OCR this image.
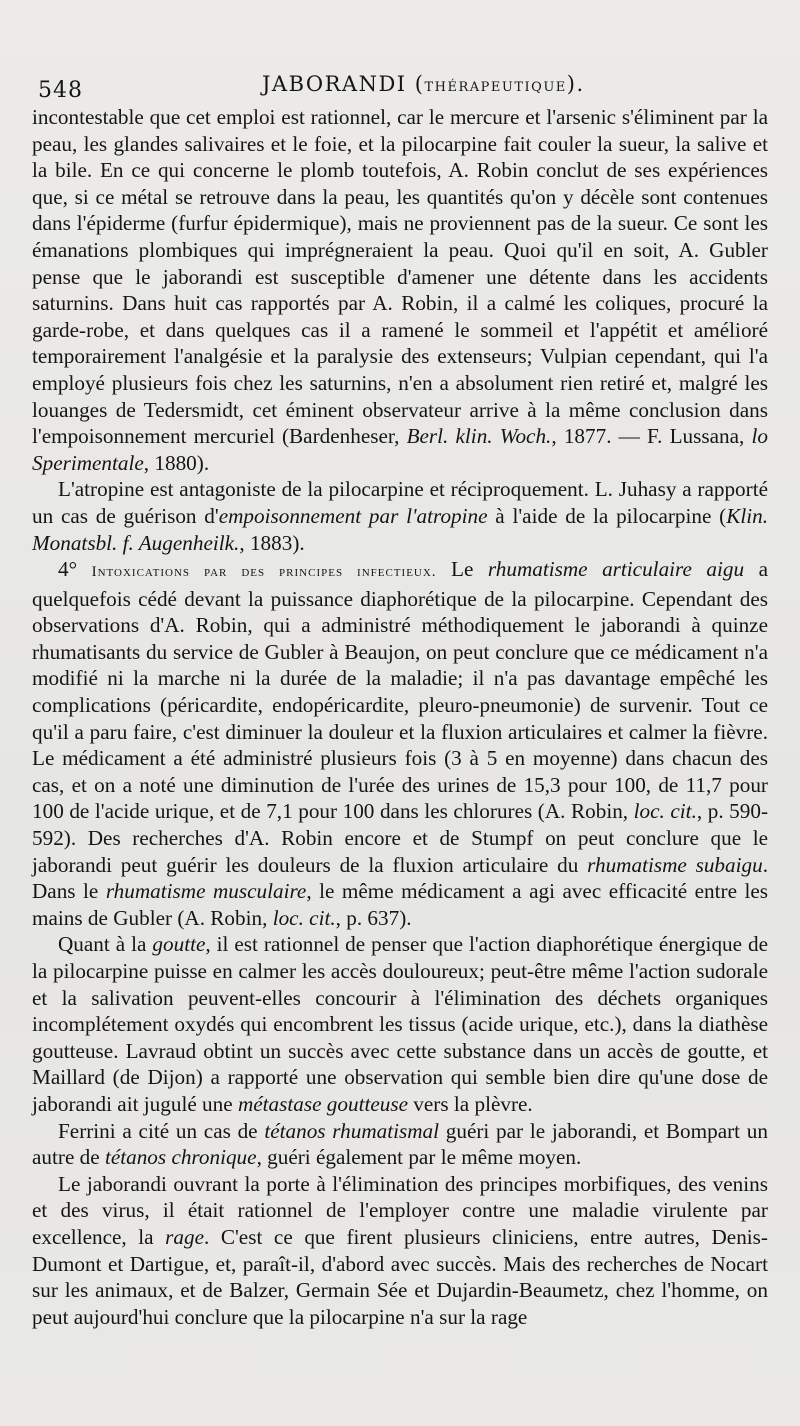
548	JABORANDI (THÉRAPEUTIQUE).

incontestable que cet emploi est rationnel, car le mercure et l'arsenic s'éliminent par la peau, les glandes salivaires et le foie, et la pilocarpine fait couler la sueur, la salive et la bile. En ce qui concerne le plomb toutefois, A. Robin conclut de ses expériences que, si ce métal se retrouve dans la peau, les quantités qu'on y décèle sont contenues dans l'épiderme (furfur épidermique), mais ne proviennent pas de la sueur. Ce sont les émanations plombiques qui imprégneraient la peau. Quoi qu'il en soit, A. Gubler pense que le jaborandi est susceptible d'amener une détente dans les accidents saturnins. Dans huit cas rapportés par A. Robin, il a calmé les coliques, procuré la garde-robe, et dans quelques cas il a ramené le sommeil et l'appétit et amélioré temporairement l'analgésie et la paralysie des extenseurs; Vulpian cependant, qui l'a employé plusieurs fois chez les saturnins, n'en a absolument rien retiré et, malgré les louanges de Tedersmidt, cet éminent observateur arrive à la même conclusion dans l'empoisonnement mercuriel (Bardenheser, Berl. klin. Woch., 1877. — F. Lussana, lo Sperimentale, 1880).

L'atropine est antagoniste de la pilocarpine et réciproquement. L. Juhasy a rapporté un cas de guérison d'empoisonnement par l'atropine à l'aide de la pilocarpine (Klin. Monatsbl. f. Augenheilk., 1883).

4° Intoxications par des principes infectieux. Le rhumatisme articulaire aigu a quelquefois cédé devant la puissance diaphorétique de la pilocarpine. Cependant des observations d'A. Robin, qui a administré méthodiquement le jaborandi à quinze rhumatisants du service de Gubler à Beaujon, on peut conclure que ce médicament n'a modifié ni la marche ni la durée de la maladie; il n'a pas davantage empêché les complications (péricardite, endopéricardite, pleuro-pneumonie) de survenir. Tout ce qu'il a paru faire, c'est diminuer la douleur et la fluxion articulaires et calmer la fièvre. Le médicament a été administré plusieurs fois (3 à 5 en moyenne) dans chacun des cas, et on a noté une diminution de l'urée des urines de 15,3 pour 100, de 11,7 pour 100 de l'acide urique, et de 7,1 pour 100 dans les chlorures (A. Robin, loc. cit., p. 590-592). Des recherches d'A. Robin encore et de Stumpf on peut conclure que le jaborandi peut guérir les douleurs de la fluxion articulaire du rhumatisme subaigu. Dans le rhumatisme musculaire, le même médicament a agi avec efficacité entre les mains de Gubler (A. Robin, loc. cit., p. 637).

Quant à la goutte, il est rationnel de penser que l'action diaphorétique énergique de la pilocarpine puisse en calmer les accès douloureux; peut-être même l'action sudorale et la salivation peuvent-elles concourir à l'élimination des déchets organiques incomplétement oxydés qui encombrent les tissus (acide urique, etc.), dans la diathèse goutteuse. Lavraud obtint un succès avec cette substance dans un accès de goutte, et Maillard (de Dijon) a rapporté une observation qui semble bien dire qu'une dose de jaborandi ait jugulé une métastase goutteuse vers la plèvre.

Ferrini a cité un cas de tétanos rhumatismal guéri par le jaborandi, et Bompart un autre de tétanos chronique, guéri également par le même moyen.

Le jaborandi ouvrant la porte à l'élimination des principes morbifiques, des venins et des virus, il était rationnel de l'employer contre une maladie virulente par excellence, la rage. C'est ce que firent plusieurs cliniciens, entre autres, Denis-Dumont et Dartigue, et, paraît-il, d'abord avec succès. Mais des recherches de Nocart sur les animaux, et de Balzer, Germain Sée et Dujardin-Beaumetz, chez l'homme, on peut aujourd'hui conclure que la pilocarpine n'a sur la rage
